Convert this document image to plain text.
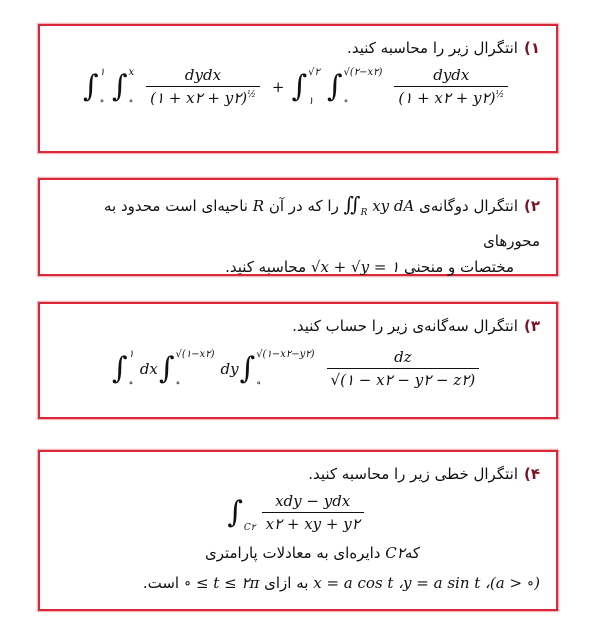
۱)انتگرال زیر را محاسبه کنید.
∫ ۱
∘ ∫ x
∘ $\frac{\text{dydx}}{(۱ + x۲ + y۲)^{\frac{1}{2}}}$ + ∫ √۲
۱ ∫ √(۲−x۲)
∘	$\frac{\text{dydx}}{(۱ + x۲ + y۲)^{\frac{1}{2}}}$
۲)انتگرال دوگانه‌ی $∬_R$ xy dA را که در آن R ناحیه‌ای است محدود به محورهای
مختصات و منحنی √x + √y = ۱ محاسبه کنید.
۳)انتگرال سه‌گانه‌ی زیر را حساب کنید.
∫ ۱
∘
dx ∫ √(۱−x۲)
∘
dy ∫ √(۱−x۲−y۲)
∘	$\frac{dz}{√(۱ - x۲ - y۲ - z۲)}$
۴)انتگرال خطی زیر را محاسبه کنید.
$\int_{C۲} \frac{\text{xdy − ydx}}{x۲ + xy + y۲}$
کهC۲ دایره‌ای به معادلات پارامتری
x = a cos t ،y = a sin t ،(a > ∘) به ازای ∘ ≤ t ≤ ۲π است.
